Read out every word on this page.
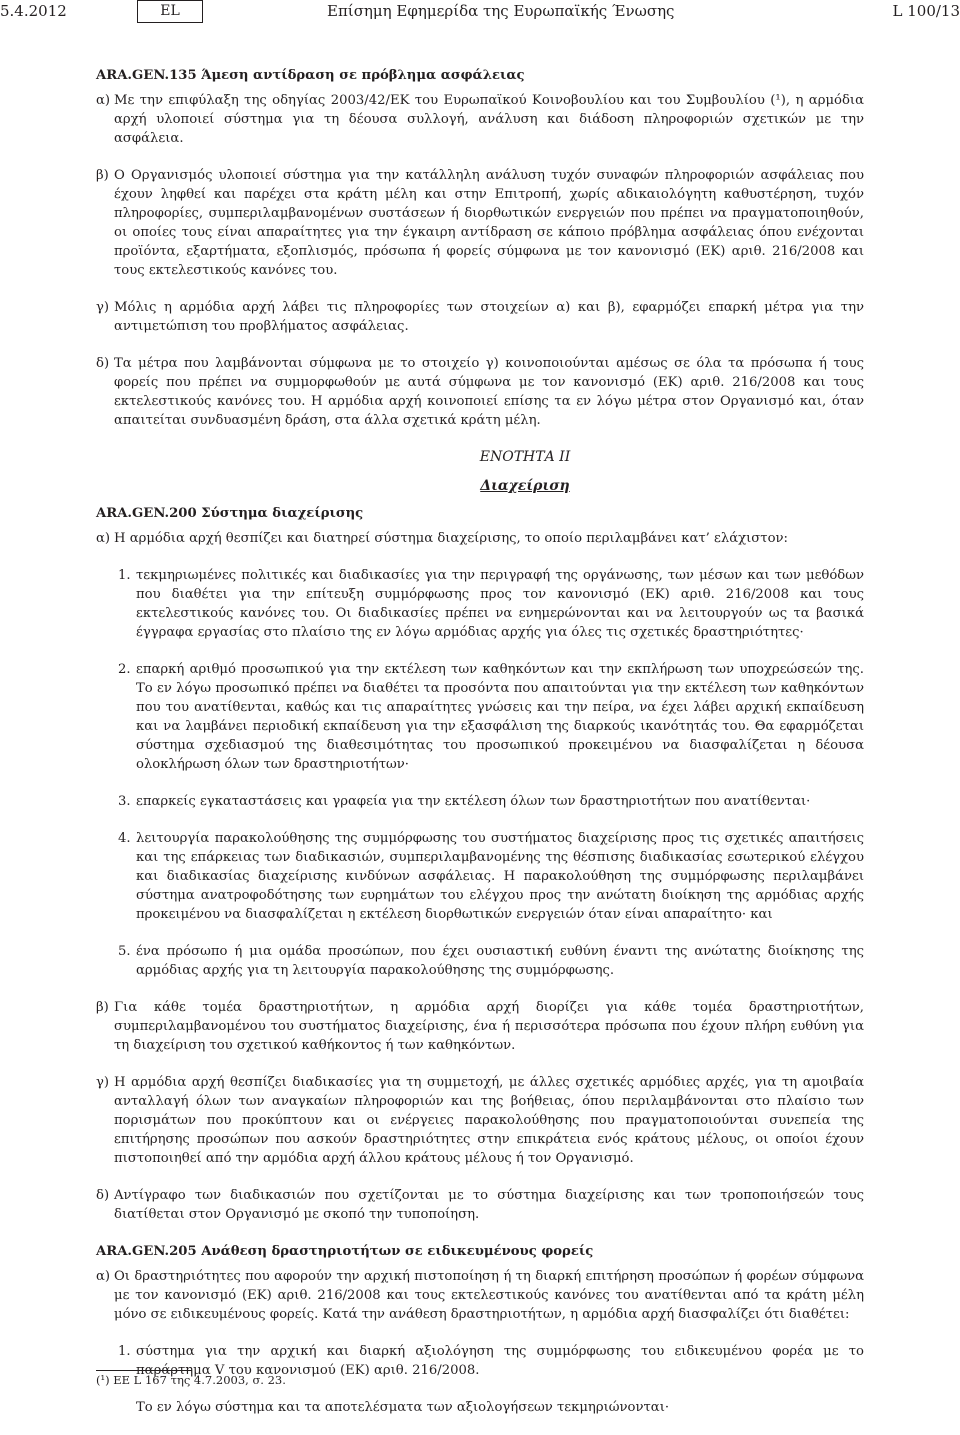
5.4.2012	EL	Επίσημη Εφημερίδα της Ευρωπαϊκής Ένωσης	L 100/13
ARA.GEN.135 Άμεση αντίδραση σε πρόβλημα ασφάλειας
α) Με την επιφύλαξη της οδηγίας 2003/42/ΕΚ του Ευρωπαϊκού Κοινοβουλίου και του Συμβουλίου (¹), η αρμόδια αρχή υλοποιεί σύστημα για τη δέουσα συλλογή, ανάλυση και διάδοση πληροφοριών σχετικών με την ασφάλεια.
β) Ο Οργανισμός υλοποιεί σύστημα για την κατάλληλη ανάλυση τυχόν συναφών πληροφοριών ασφάλειας που έχουν ληφθεί και παρέχει στα κράτη μέλη και στην Επιτροπή, χωρίς αδικαιολόγητη καθυστέρηση, τυχόν πληροφορίες, συμπεριλαμβανομένων συστάσεων ή διορθωτικών ενεργειών που πρέπει να πραγματοποιηθούν, οι οποίες τους είναι απαραίτητες για την έγκαιρη αντίδραση σε κάποιο πρόβλημα ασφάλειας όπου ενέχονται προϊόντα, εξαρτήματα, εξοπλισμός, πρόσωπα ή φορείς σύμφωνα με τον κανονισμό (ΕΚ) αριθ. 216/2008 και τους εκτελεστικούς κανόνες του.
γ) Μόλις η αρμόδια αρχή λάβει τις πληροφορίες των στοιχείων α) και β), εφαρμόζει επαρκή μέτρα για την αντιμετώπιση του προβλήματος ασφάλειας.
δ) Τα μέτρα που λαμβάνονται σύμφωνα με το στοιχείο γ) κοινοποιούνται αμέσως σε όλα τα πρόσωπα ή τους φορείς που πρέπει να συμμορφωθούν με αυτά σύμφωνα με τον κανονισμό (ΕΚ) αριθ. 216/2008 και τους εκτελεστικούς κανόνες του. Η αρμόδια αρχή κοινοποιεί επίσης τα εν λόγω μέτρα στον Οργανισμό και, όταν απαιτείται συνδυασμένη δράση, στα άλλα σχετικά κράτη μέλη.
ΕΝΟΤΗΤΑ II
Διαχείριση
ARA.GEN.200 Σύστημα διαχείρισης
α) Η αρμόδια αρχή θεσπίζει και διατηρεί σύστημα διαχείρισης, το οποίο περιλαμβάνει κατ’ ελάχιστον:
1. τεκμηριωμένες πολιτικές και διαδικασίες για την περιγραφή της οργάνωσης, των μέσων και των μεθόδων που διαθέτει για την επίτευξη συμμόρφωσης προς τον κανονισμό (ΕΚ) αριθ. 216/2008 και τους εκτελεστικούς κανόνες του. Οι διαδικασίες πρέπει να ενημερώνονται και να λειτουργούν ως τα βασικά έγγραφα εργασίας στο πλαίσιο της εν λόγω αρμόδιας αρχής για όλες τις σχετικές δραστηριότητες·
2. επαρκή αριθμό προσωπικού για την εκτέλεση των καθηκόντων και την εκπλήρωση των υποχρεώσεών της. Το εν λόγω προσωπικό πρέπει να διαθέτει τα προσόντα που απαιτούνται για την εκτέλεση των καθηκόντων που του ανατίθενται, καθώς και τις απαραίτητες γνώσεις και την πείρα, να έχει λάβει αρχική εκπαίδευση και να λαμβάνει περιοδική εκπαίδευση για την εξασφάλιση της διαρκούς ικανότητάς του. Θα εφαρμόζεται σύστημα σχεδιασμού της διαθεσιμότητας του προσωπικού προκειμένου να διασφαλίζεται η δέουσα ολοκλήρωση όλων των δραστηριοτήτων·
3. επαρκείς εγκαταστάσεις και γραφεία για την εκτέλεση όλων των δραστηριοτήτων που ανατίθενται·
4. λειτουργία παρακολούθησης της συμμόρφωσης του συστήματος διαχείρισης προς τις σχετικές απαιτήσεις και της επάρκειας των διαδικασιών, συμπεριλαμβανομένης της θέσπισης διαδικασίας εσωτερικού ελέγχου και διαδικασίας διαχείρισης κινδύνων ασφάλειας. Η παρακολούθηση της συμμόρφωσης περιλαμβάνει σύστημα ανατροφοδότησης των ευρημάτων του ελέγχου προς την ανώτατη διοίκηση της αρμόδιας αρχής προκειμένου να διασφαλίζεται η εκτέλεση διορθωτικών ενεργειών όταν είναι απαραίτητο· και
5. ένα πρόσωπο ή μια ομάδα προσώπων, που έχει ουσιαστική ευθύνη έναντι της ανώτατης διοίκησης της αρμόδιας αρχής για τη λειτουργία παρακολούθησης της συμμόρφωσης.
β) Για κάθε τομέα δραστηριοτήτων, η αρμόδια αρχή διορίζει για κάθε τομέα δραστηριοτήτων, συμπεριλαμβανομένου του συστήματος διαχείρισης, ένα ή περισσότερα πρόσωπα που έχουν πλήρη ευθύνη για τη διαχείριση του σχετικού καθήκοντος ή των καθηκόντων.
γ) Η αρμόδια αρχή θεσπίζει διαδικασίες για τη συμμετοχή, με άλλες σχετικές αρμόδιες αρχές, για τη αμοιβαία ανταλλαγή όλων των αναγκαίων πληροφοριών και της βοήθειας, όπου περιλαμβάνονται στο πλαίσιο των πορισμάτων που προκύπτουν και οι ενέργειες παρακολούθησης που πραγματοποιούνται συνεπεία της επιτήρησης προσώπων που ασκούν δραστηριότητες στην επικράτεια ενός κράτους μέλους, οι οποίοι έχουν πιστοποιηθεί από την αρμόδια αρχή άλλου κράτους μέλους ή τον Οργανισμό.
δ) Αντίγραφο των διαδικασιών που σχετίζονται με το σύστημα διαχείρισης και των τροποποιήσεών τους διατίθεται στον Οργανισμό με σκοπό την τυποποίηση.
ARA.GEN.205 Ανάθεση δραστηριοτήτων σε ειδικευμένους φορείς
α) Οι δραστηριότητες που αφορούν την αρχική πιστοποίηση ή τη διαρκή επιτήρηση προσώπων ή φορέων σύμφωνα με τον κανονισμό (ΕΚ) αριθ. 216/2008 και τους εκτελεστικούς κανόνες του ανατίθενται από τα κράτη μέλη μόνο σε ειδικευμένους φορείς. Κατά την ανάθεση δραστηριοτήτων, η αρμόδια αρχή διασφαλίζει ότι διαθέτει:
1. σύστημα για την αρχική και διαρκή αξιολόγηση της συμμόρφωσης του ειδικευμένου φορέα με το παράρτημα V του κανονισμού (ΕΚ) αριθ. 216/2008.
Το εν λόγω σύστημα και τα αποτελέσματα των αξιολογήσεων τεκμηριώνονται·
(¹) ΕΕ L 167 της 4.7.2003, σ. 23.
